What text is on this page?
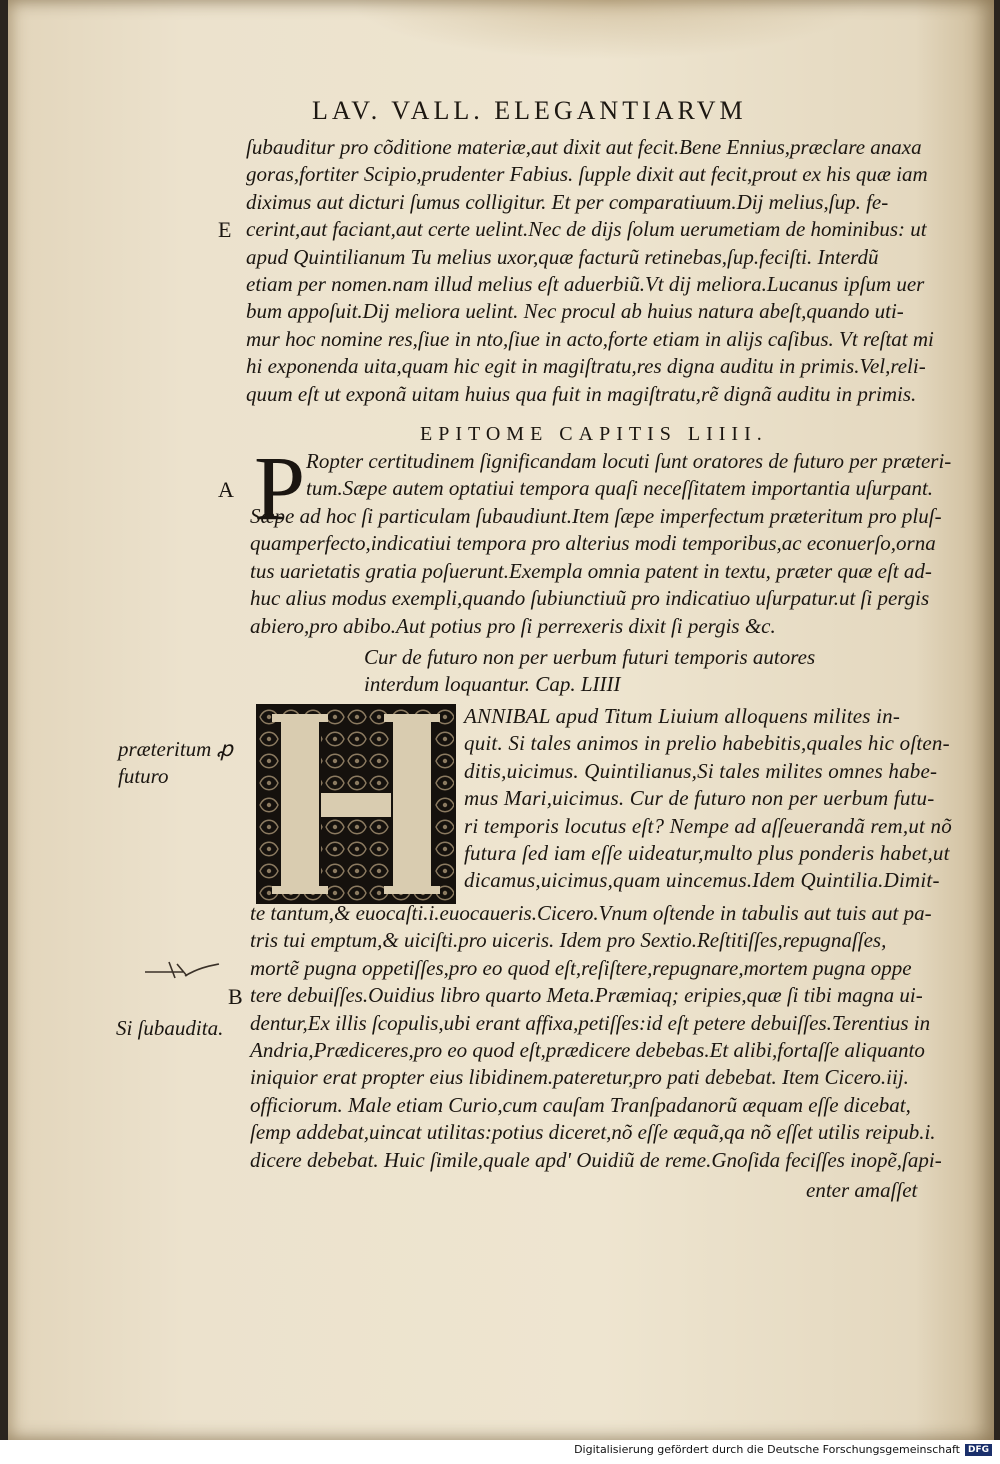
LAV. VALL. ELEGANTIARVM
ſubauditur pro cõditione materiæ,aut dixit aut fecit.Bene Ennius,præclare anaxa
goras,fortiter Scipio,prudenter Fabius. ſupple dixit aut fecit,prout ex his quæ iam
diximus aut dicturi ſumus colligitur. Et per comparatiuum.Dij melius,ſup. fe-
cerint,aut faciant,aut certe uelint.Nec de dijs ſolum uerumetiam de hominibus: ut
apud Quintilianum Tu melius uxor,quæ facturũ retinebas,ſup.feciſti. Interdũ
etiam per nomen.nam illud melius eſt aduerbiũ.Vt dij meliora.Lucanus ipſum uer
bum appoſuit.Dij meliora uelint. Nec procul ab huius natura abeſt,quando uti-
mur hoc nomine res,ſiue in nto,ſiue in acto,forte etiam in alijs caſibus. Vt reſtat mi
hi exponenda uita,quam hic egit in magiſtratu,res digna auditu in primis.Vel,reli-
quum eſt ut exponã uitam huius qua fuit in magiſtratu,rẽ dignã auditu in primis.
E
EPITOME CAPITIS LIIII.
P
A
Ropter certitudinem ſignificandam locuti ſunt oratores de futuro per præteri-
tum.Sæpe autem optatiui tempora quaſi neceſſitatem importantia uſurpant.
Sæpe ad hoc ſi particulam ſubaudiunt.Item ſæpe imperfectum præteritum pro pluſ-
quamperfecto,indicatiui tempora pro alterius modi temporibus,ac econuerſo,orna
tus uarietatis gratia poſuerunt.Exempla omnia patent in textu, præter quæ eſt ad-
huc alius modus exempli,quando ſubiunctiuũ pro indicatiuo uſurpatur.ut ſi pergis
abiero,pro abibo.Aut potius pro ſi perrexeris dixit ſi pergis &c.
Cur de futuro non per uerbum futuri temporis autores
interdum loquantur. Cap. LIIII
ANNIBAL apud Titum Liuium alloquens milites in-
quit. Si tales animos in prelio habebitis,quales hic oſten-
ditis,uicimus. Quintilianus,Si tales milites omnes habe-
mus Mari,uicimus. Cur de futuro non per uerbum futu-
ri temporis locutus eſt? Nempe ad aſſeuerandã rem,ut nõ
futura ſed iam eſſe uideatur,multo plus ponderis habet,ut
dicamus,uicimus,quam uincemus.Idem Quintilia.Dimit-
te tantum,& euocaſti.i.euocaueris.Cicero.Vnum oſtende in tabulis aut tuis aut pa-
tris tui emptum,& uiciſti.pro uiceris. Idem pro Sextio.Reſtitiſſes,repugnaſſes,
mortẽ pugna oppetiſſes,pro eo quod eſt,reſiſtere,repugnare,mortem pugna oppe
tere debuiſſes.Ouidius libro quarto Meta.Præmiaq; eripies,quæ ſi tibi magna ui-
dentur,Ex illis ſcopulis,ubi erant affixa,petiſſes:id eſt petere debuiſſes.Terentius in
Andria,Prædiceres,pro eo quod eſt,prædicere debebas.Et alibi,fortaſſe aliquanto
iniquior erat propter eius libidinem.pateretur,pro pati debebat. Item Cicero.iij.
officiorum. Male etiam Curio,cum cauſam Tranſpadanorũ æquam eſſe dicebat,
ſemp addebat,uincat utilitas:potius diceret,nõ eſſe æquã,qa nõ eſſet utilis reipub.i.
dicere debebat. Huic ſimile,quale apd' Ouidiũ de reme.Gnoſida feciſſes inopẽ,ſapi-
enter amaſſet
præteritum ꝓ
futuro
B
Si ſubaudita.
Digitalisierung gefördert durch die Deutsche Forschungsgemeinschaft DFG
